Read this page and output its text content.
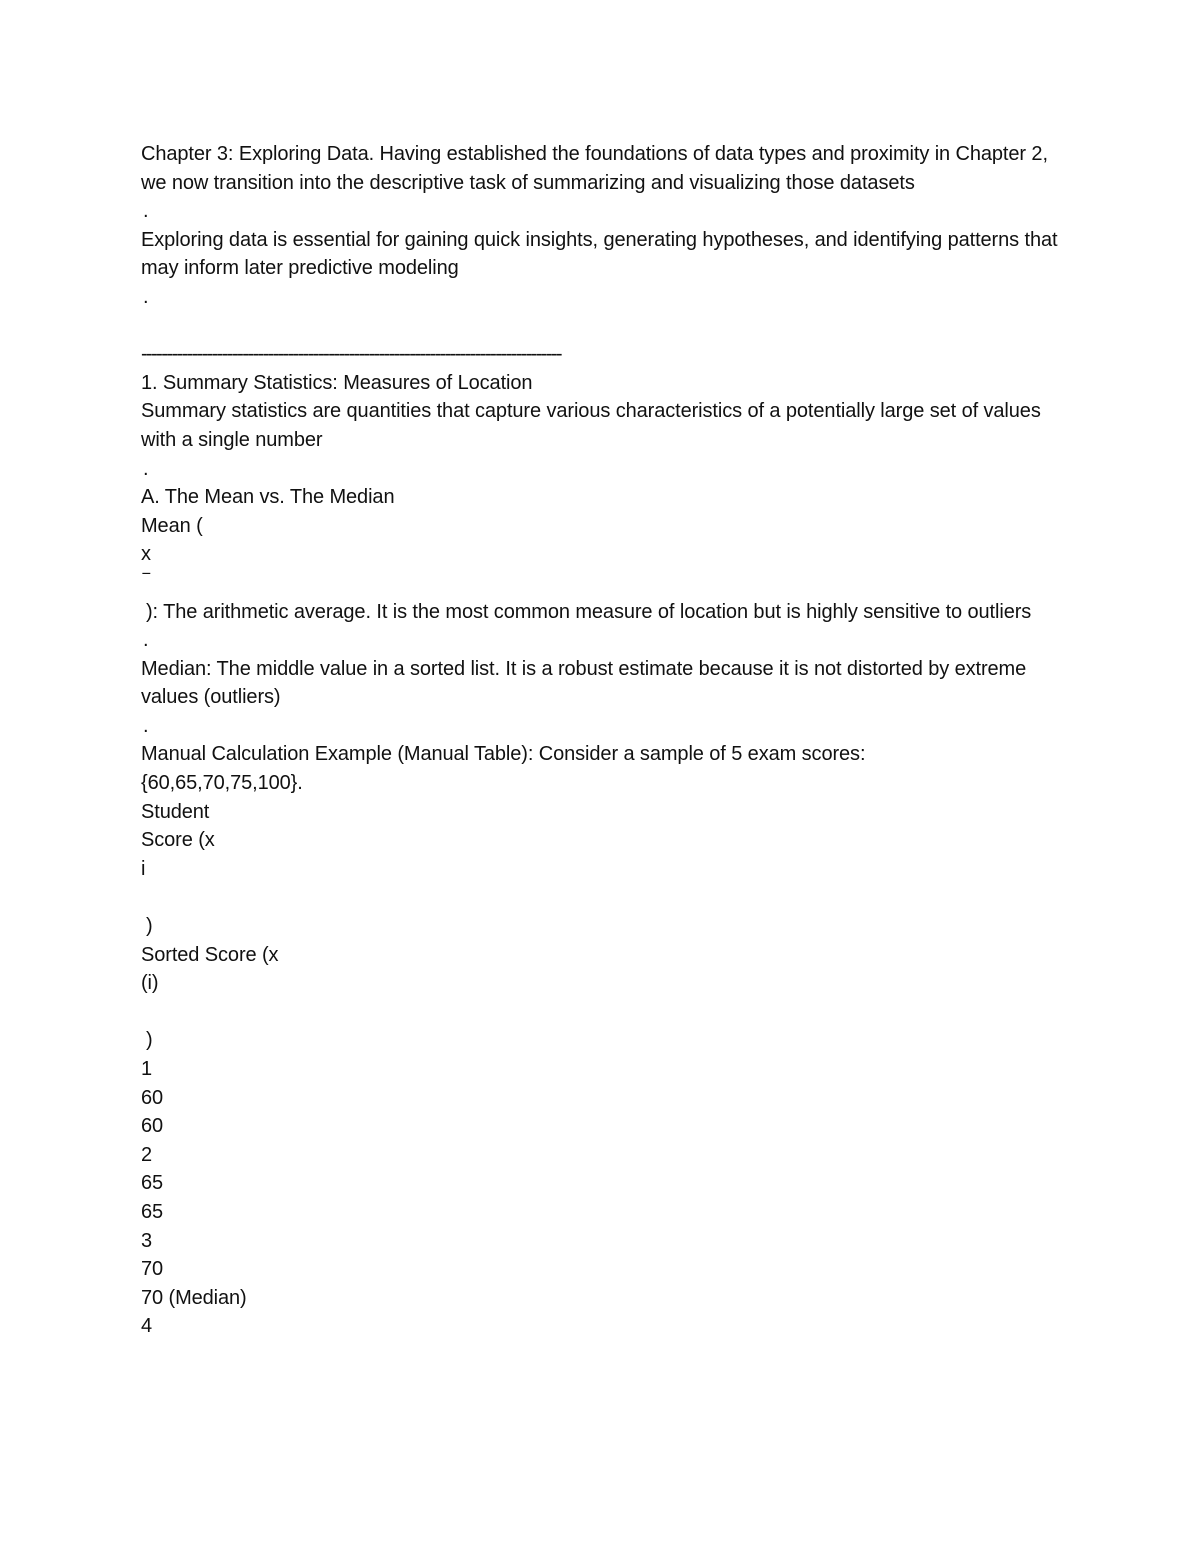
Chapter 3: Exploring Data. Having established the foundations of data types and proximity in Chapter 2, we now transition into the descriptive task of summarizing and visualizing those datasets

.

Exploring data is essential for gaining quick insights, generating hypotheses, and identifying patterns that may inform later predictive modeling

.
-----------------------------------------------------------------------------------
1. Summary Statistics: Measures of Location

Summary statistics are quantities that capture various characteristics of a potentially large set of values with a single number

.
A. The Mean vs. The Median
Mean (
x
‾

): The arithmetic average. It is the most common measure of location but is highly sensitive to outliers

.

Median: The middle value in a sorted list. It is a robust estimate because it is not distorted by extreme values (outliers)

.
Manual Calculation Example (Manual Table): Consider a sample of 5 exam scores:
{60,65,70,75,100}.
Student
Score (x
i
)
Sorted Score (x
(i)
)
1
60
60
2
65
65
3
70
70 (Median)
4
